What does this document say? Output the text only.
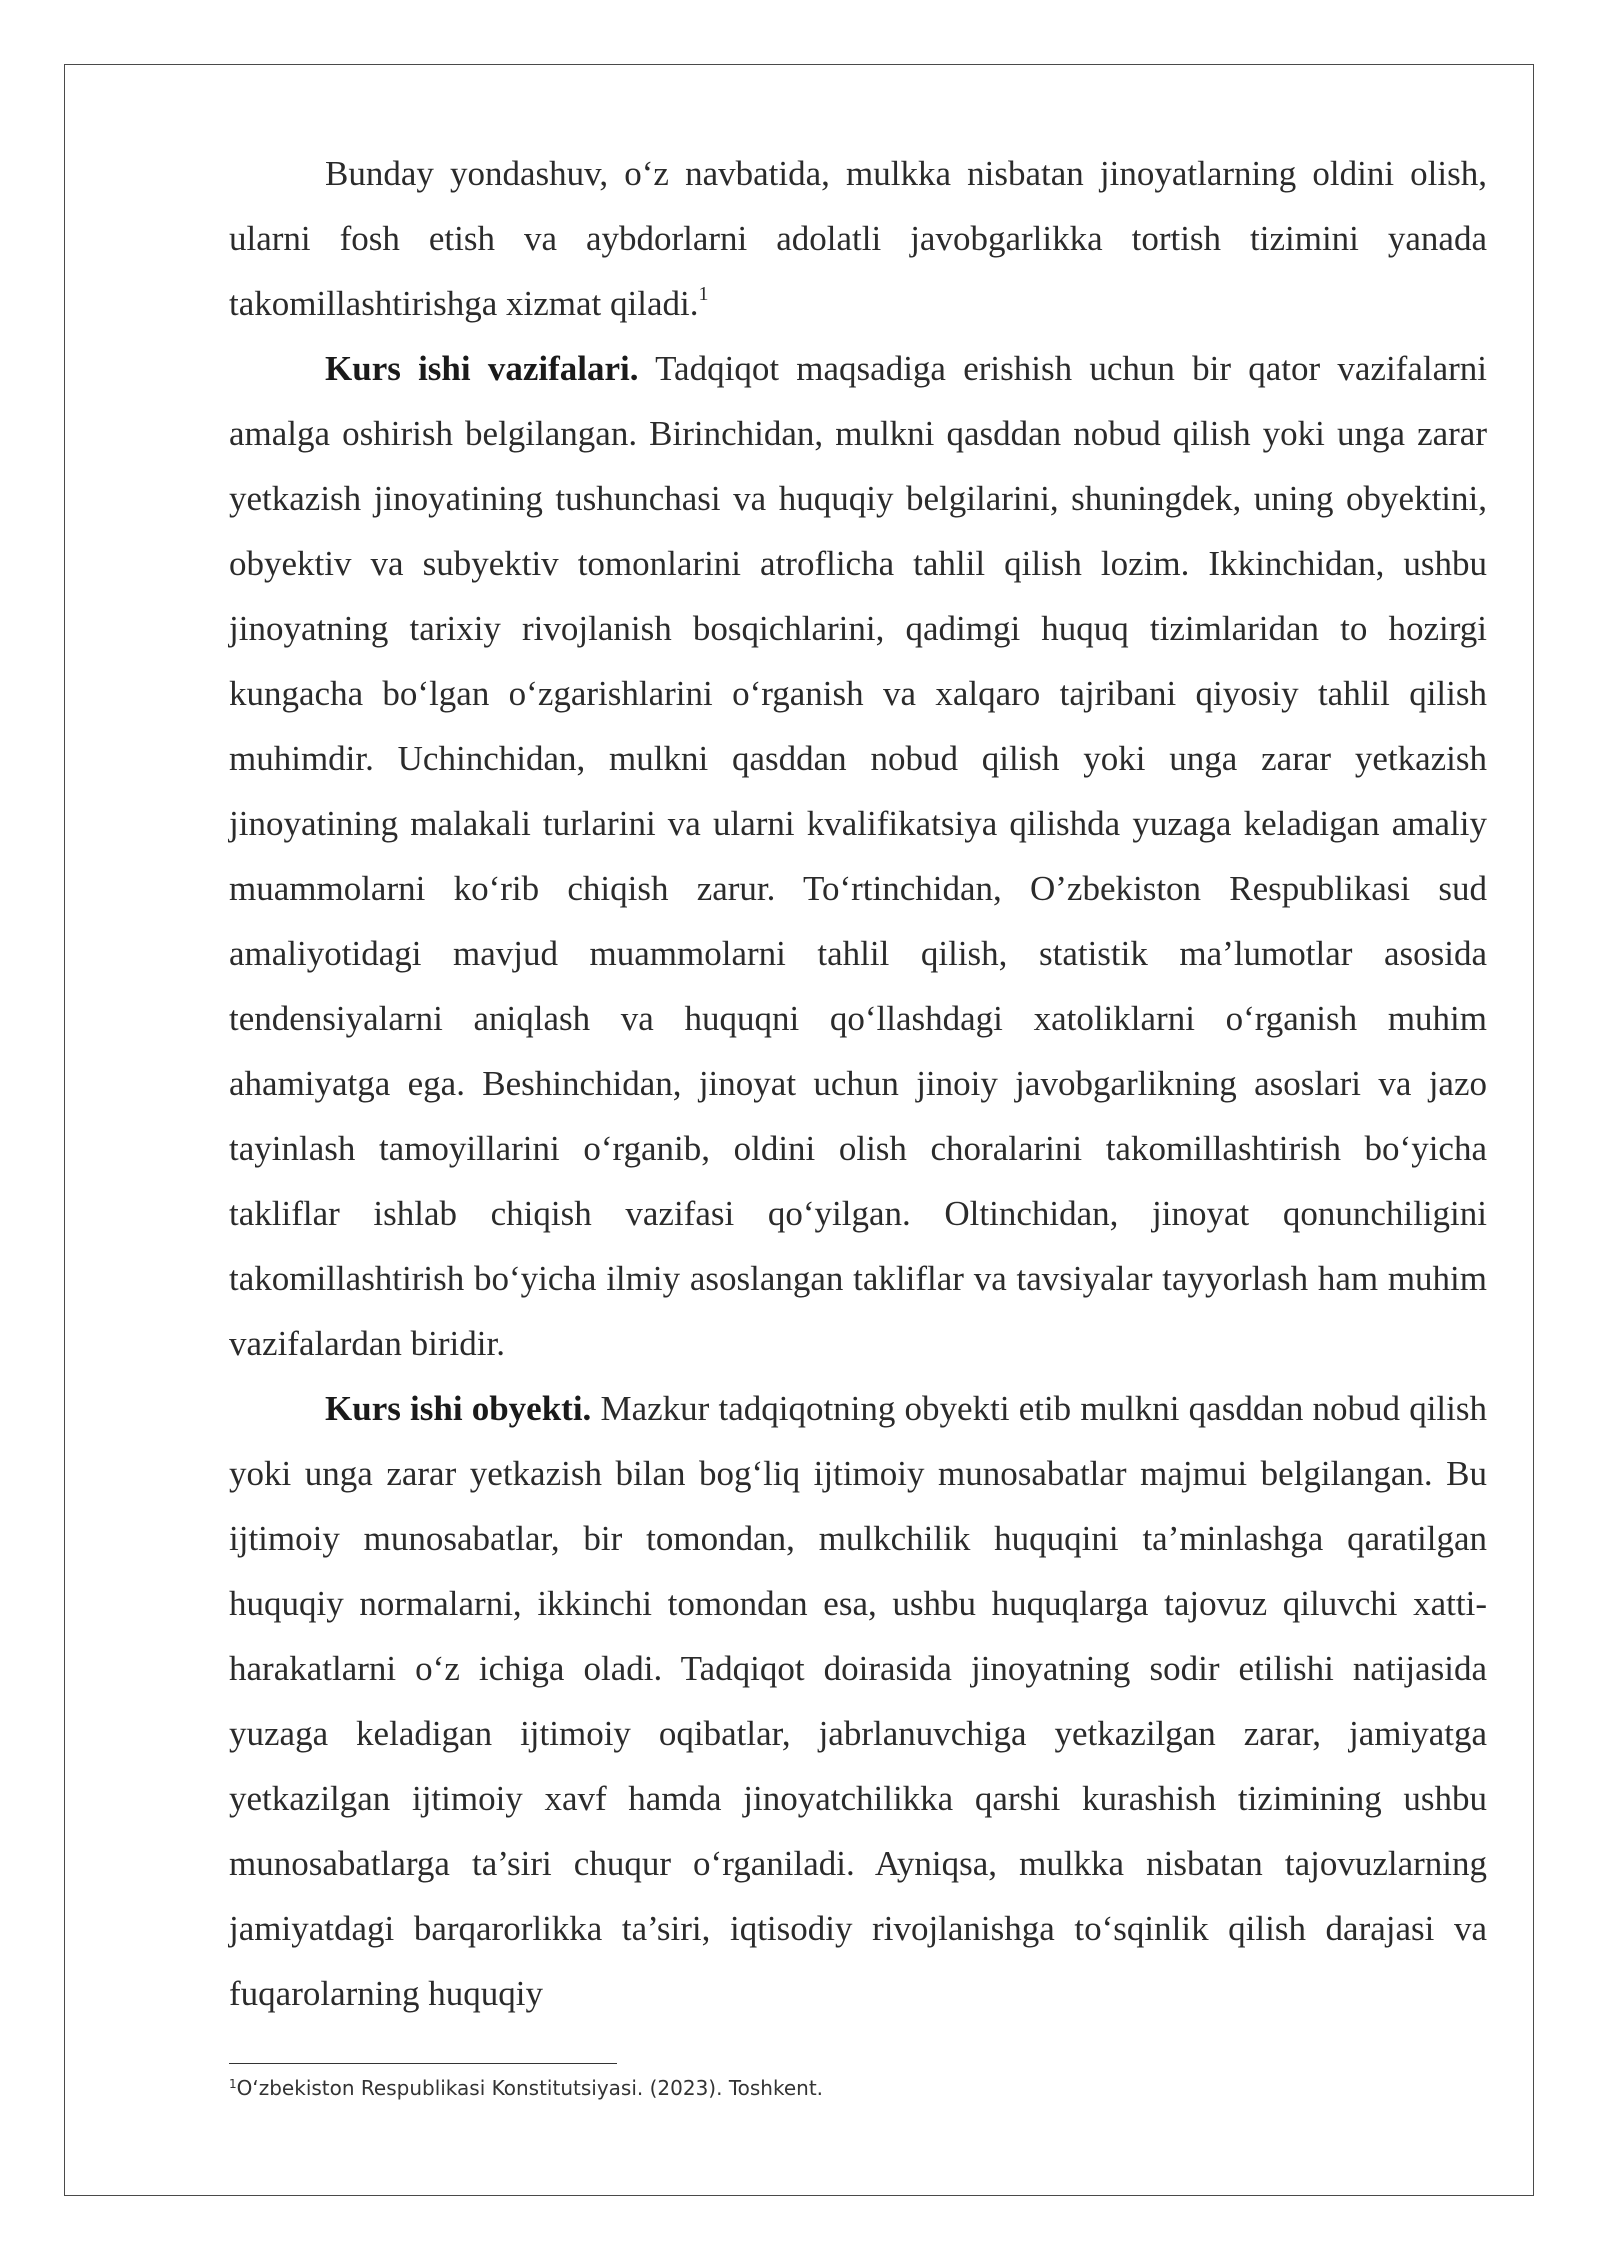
Bunday yondashuv, o‘z navbatida, mulkka nisbatan jinoyatlarning oldini olish, ularni fosh etish va aybdorlarni adolatli javobgarlikka tortish tizimini yanada takomillashtirishga xizmat qiladi.$^1$

Kurs ishi vazifalari. Tadqiqot maqsadiga erishish uchun bir qator vazifalarni amalga oshirish belgilangan. Birinchidan, mulkni qasddan nobud qilish yoki unga zarar yetkazish jinoyatining tushunchasi va huquqiy belgilarini, shuningdek, uning obyektini, obyektiv va subyektiv tomonlarini atroflicha tahlil qilish lozim. Ikkinchidan, ushbu jinoyatning tarixiy rivojlanish bosqichlarini, qadimgi huquq tizimlaridan to hozirgi kungacha bo‘lgan o‘zgarishlarini o‘rganish va xalqaro tajribani qiyosiy tahlil qilish muhimdir. Uchinchidan, mulkni qasddan nobud qilish yoki unga zarar yetkazish jinoyatining malakali turlarini va ularni kvalifikatsiya qilishda yuzaga keladigan amaliy muammolarni ko‘rib chiqish zarur. To‘rtinchidan, O’zbekiston Respublikasi sud amaliyotidagi mavjud muammolarni tahlil qilish, statistik ma’lumotlar asosida tendensiyalarni aniqlash va huquqni qo‘llashdagi xatoliklarni o‘rganish muhim ahamiyatga ega. Beshinchidan, jinoyat uchun jinoiy javobgarlikning asoslari va jazo tayinlash tamoyillarini o‘rganib, oldini olish choralarini takomillashtirish bo‘yicha takliflar ishlab chiqish vazifasi qo‘yilgan. Oltinchidan, jinoyat qonunchiligini takomillashtirish bo‘yicha ilmiy asoslangan takliflar va tavsiyalar tayyorlash ham muhim vazifalardan biridir.

Kurs ishi obyekti. Mazkur tadqiqotning obyekti etib mulkni qasddan nobud qilish yoki unga zarar yetkazish bilan bog‘liq ijtimoiy munosabatlar majmui belgilangan. Bu ijtimoiy munosabatlar, bir tomondan, mulkchilik huquqini ta’minlashga qaratilgan huquqiy normalarni, ikkinchi tomondan esa, ushbu huquqlarga tajovuz qiluvchi xatti-harakatlarni o‘z ichiga oladi. Tadqiqot doirasida jinoyatning sodir etilishi natijasida yuzaga keladigan ijtimoiy oqibatlar, jabrlanuvchiga yetkazilgan zarar, jamiyatga yetkazilgan ijtimoiy xavf hamda jinoyatchilikka qarshi kurashish tizimining ushbu munosabatlarga ta’siri chuqur o‘rganiladi. Ayniqsa, mulkka nisbatan tajovuzlarning jamiyatdagi barqarorlikka ta’siri, iqtisodiy rivojlanishga to‘sqinlik qilish darajasi va fuqarolarning huquqiy

$^1$O‘zbekiston Respublikasi Konstitutsiyasi. (2023). Toshkent.
